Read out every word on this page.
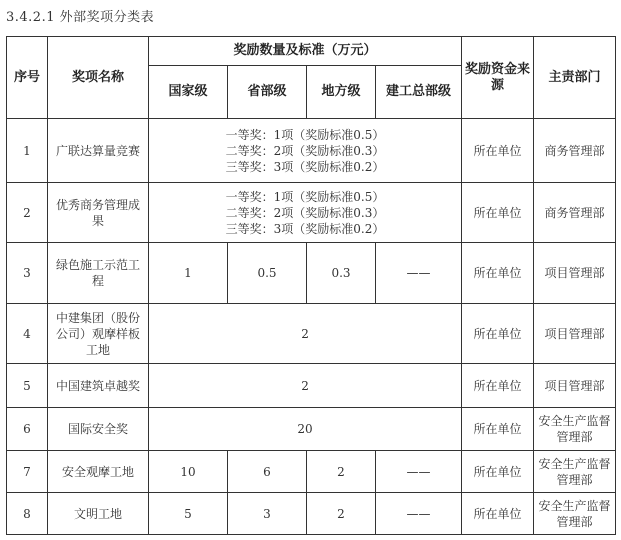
3.4.2.1 外部奖项分类表
序号	奖项名称	奖励数量及标准（万元）				奖励资金来源	主责部门
		国家级	省部级	地方级	建工总部级		
1	广联达算量竞赛	一等奖：1项（奖励标准0.5）
二等奖：2项（奖励标准0.3）
三等奖：3项（奖励标准0.2）				所在单位	商务管理部
2	优秀商务管理成果	一等奖：1项（奖励标准0.5）
二等奖：2项（奖励标准0.3）
三等奖：3项（奖励标准0.2）				所在单位	商务管理部
3	绿色施工示范工程	1	0.5	0.3	——	所在单位	项目管理部
4	中建集团（股份公司）观摩样板工地	2				所在单位	项目管理部
5	中国建筑卓越奖	2				所在单位	项目管理部
6	国际安全奖	20				所在单位	安全生产监督管理部
7	安全观摩工地	10	6	2	——	所在单位	安全生产监督管理部
8	文明工地	5	3	2	——	所在单位	安全生产监督管理部
